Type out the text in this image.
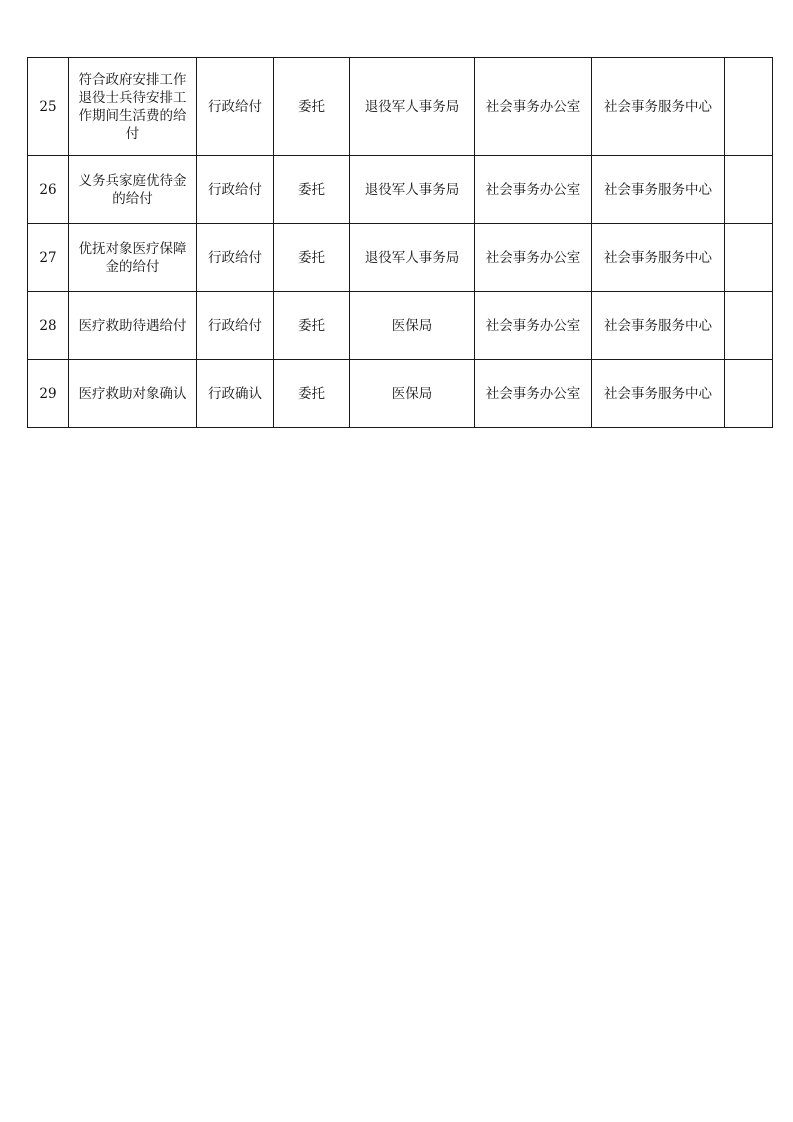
25	符合政府安排工作退役士兵待安排工作期间生活费的给付	行政给付	委托	退役军人事务局	社会事务办公室	社会事务服务中心	
26	义务兵家庭优待金的给付	行政给付	委托	退役军人事务局	社会事务办公室	社会事务服务中心	
27	优抚对象医疗保障金的给付	行政给付	委托	退役军人事务局	社会事务办公室	社会事务服务中心	
28	医疗救助待遇给付	行政给付	委托	医保局	社会事务办公室	社会事务服务中心	
29	医疗救助对象确认	行政确认	委托	医保局	社会事务办公室	社会事务服务中心	
